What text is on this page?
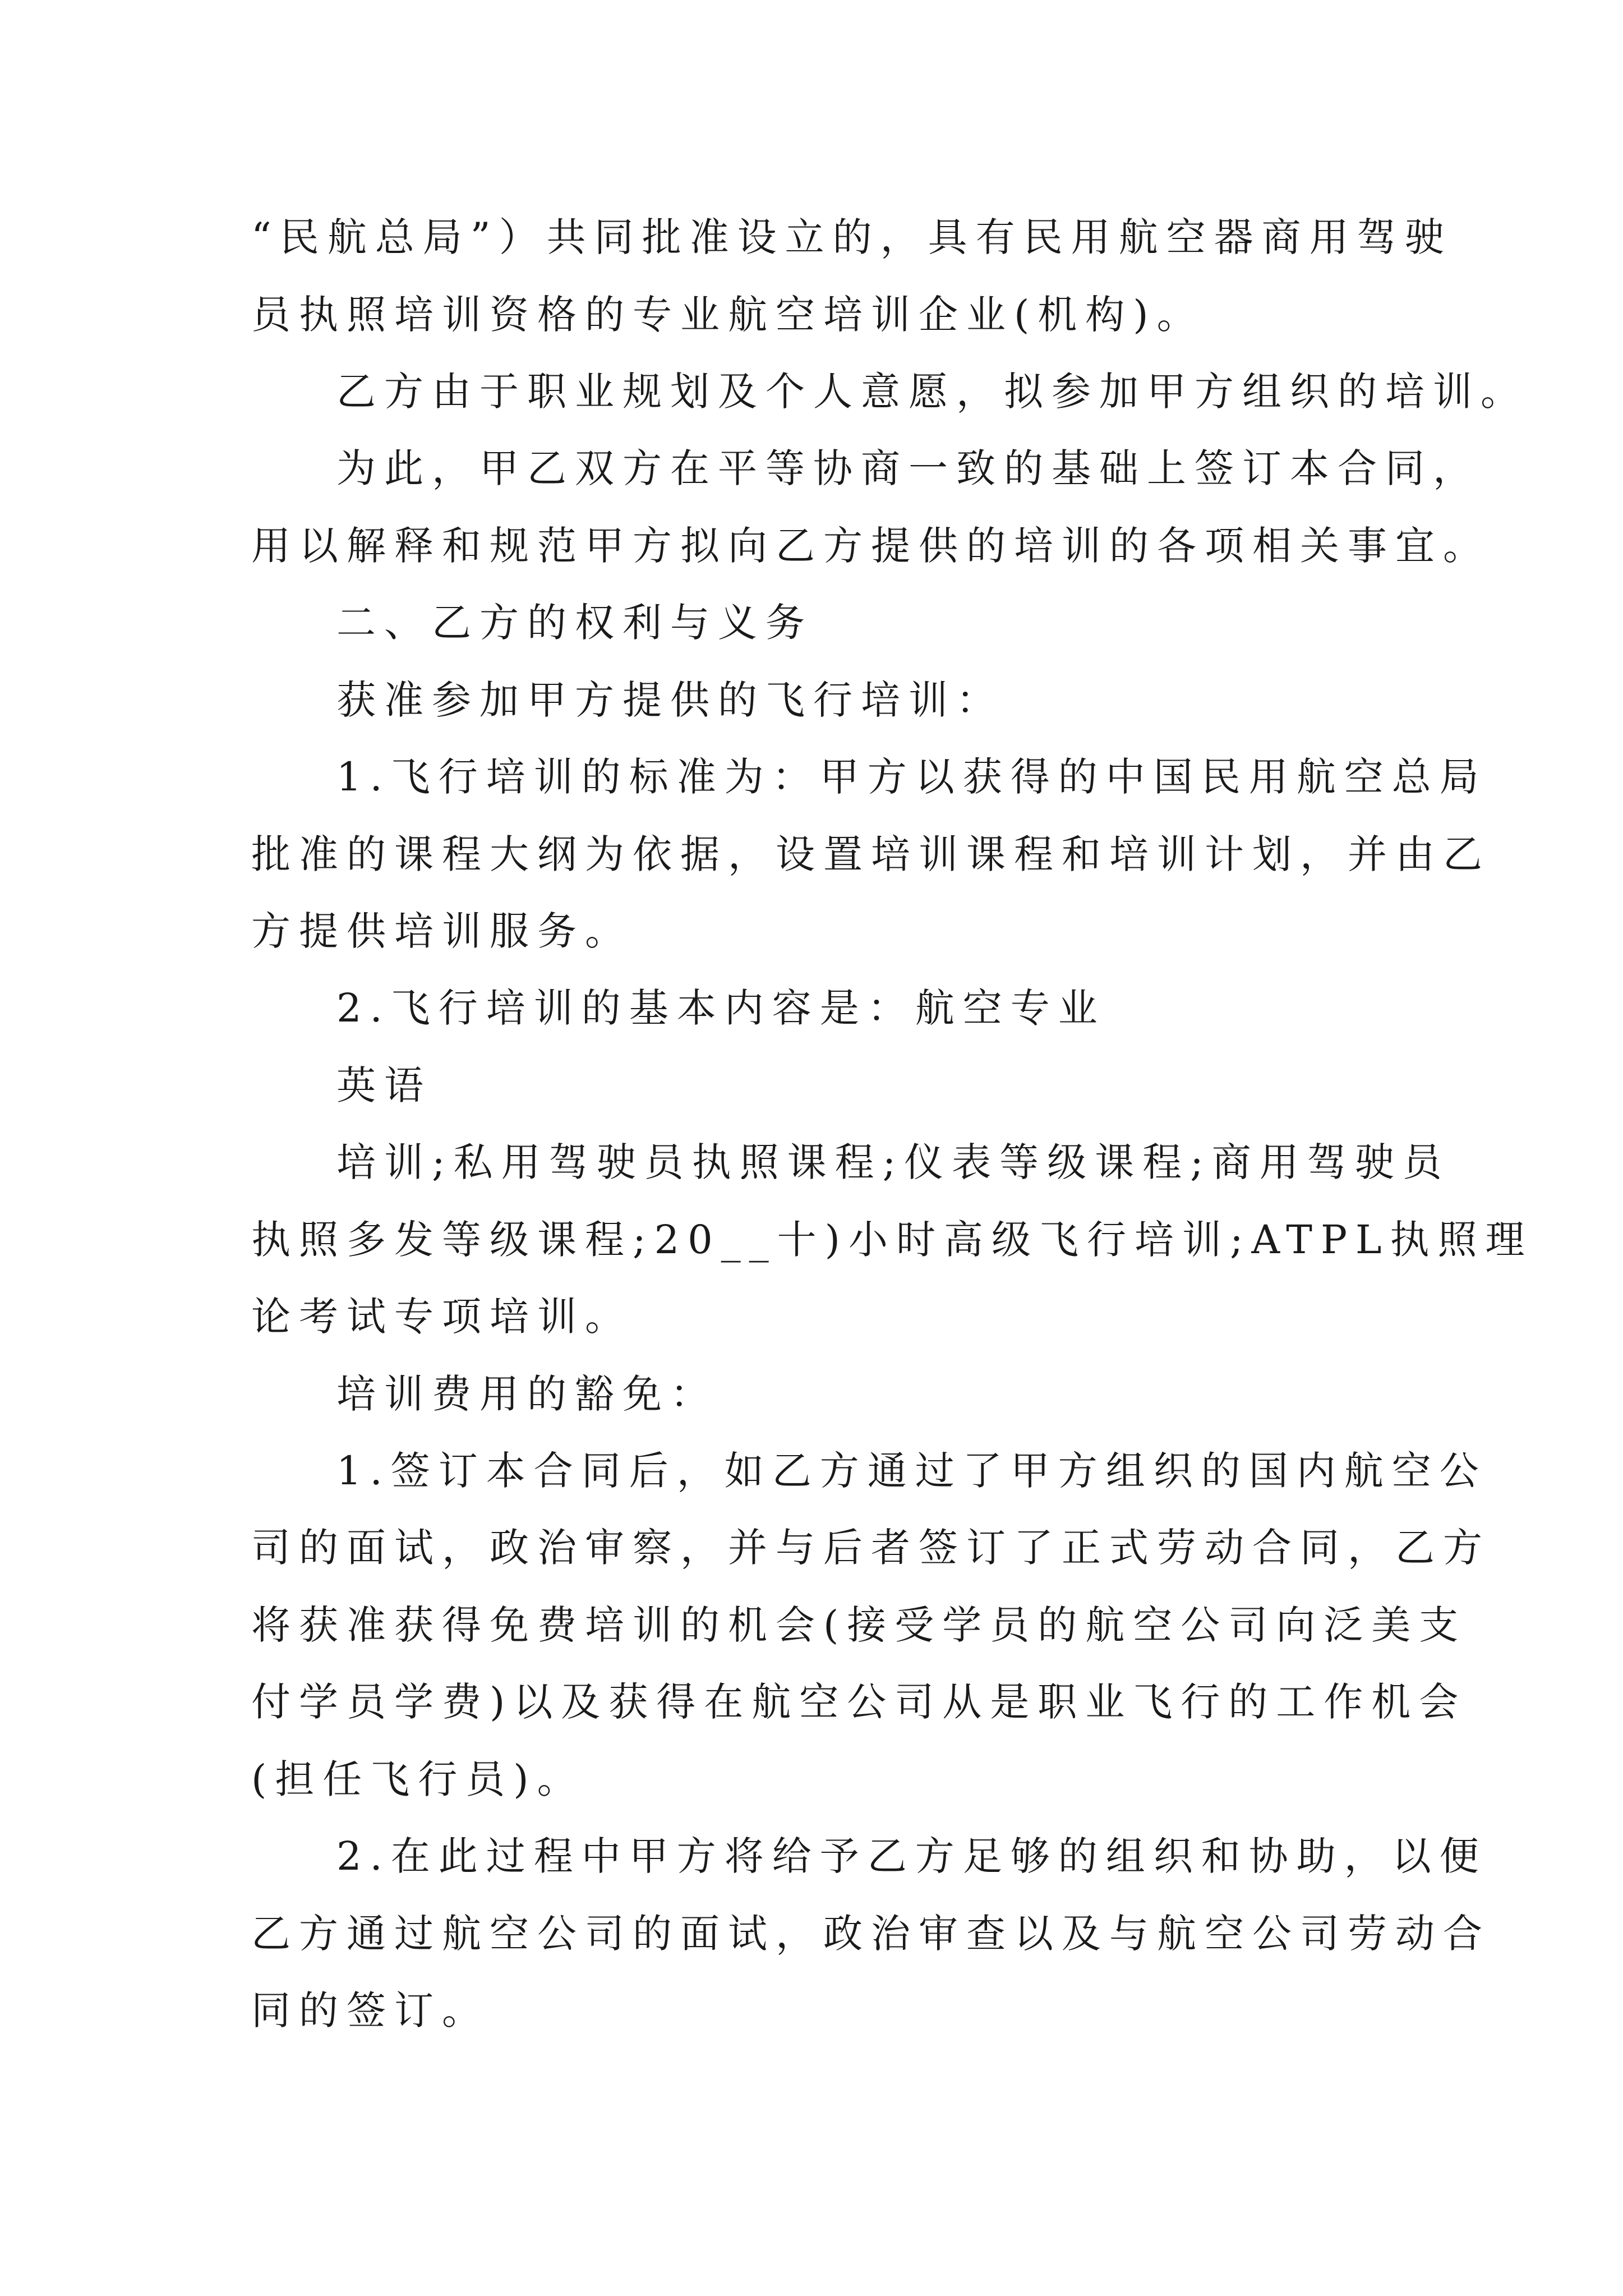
“民航总局”）共同批准设立的，具有民用航空器商用驾驶

员执照培训资格的专业航空培训企业(机构)。

乙方由于职业规划及个人意愿，拟参加甲方组织的培训。

为此，甲乙双方在平等协商一致的基础上签订本合同，

用以解释和规范甲方拟向乙方提供的培训的各项相关事宜。

二、乙方的权利与义务

获准参加甲方提供的飞行培训：

1.飞行培训的标准为：甲方以获得的中国民用航空总局

批准的课程大纲为依据，设置培训课程和培训计划，并由乙

方提供培训服务。

2.飞行培训的基本内容是：航空专业

英语

培训;私用驾驶员执照课程;仪表等级课程;商用驾驶员

执照多发等级课程;20__十)小时高级飞行培训;ATPL执照理

论考试专项培训。

培训费用的豁免：

1.签订本合同后，如乙方通过了甲方组织的国内航空公

司的面试，政治审察，并与后者签订了正式劳动合同，乙方

将获准获得免费培训的机会(接受学员的航空公司向泛美支

付学员学费)以及获得在航空公司从是职业飞行的工作机会

(担任飞行员)。

2.在此过程中甲方将给予乙方足够的组织和协助，以便

乙方通过航空公司的面试，政治审查以及与航空公司劳动合

同的签订。
